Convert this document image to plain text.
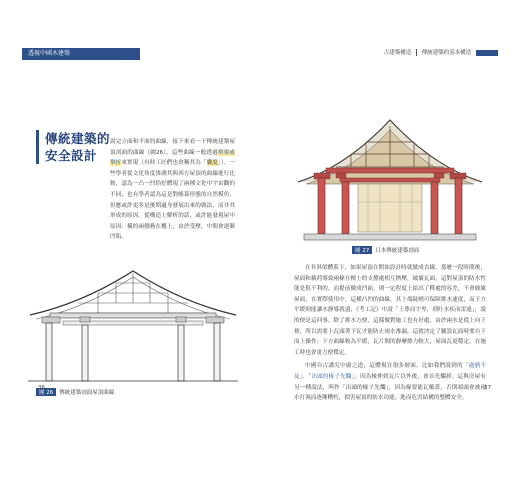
透視中國木建築	古建築構造 傳統建築的基本構造
傳統建築的
安全設計
說完立面和平面的曲線，接下來看一下傳統建築屋頂剖面的曲線（圖26）。這些曲線一般透過舉架或舉折來實現（有時工匠們也會稱其為「囊度」）。一些學者從文化角度推測其與西方屋頂的曲線進行比較，認為一凸一凹恰好體現了兩種文化中宇宙觀的不同；也有學者認為這是對帳幕形態的自然模仿，但應或許更多是後期適身發展出來的做法，而非其形成的原因。從構造上解析的話，或許能發現屋中原因：橫的兩側務在樓上，由於受壓，中間會逐漸凹陷。
圖 26 傳統建築剖面屋頂曲線
36
圖 27 日本傳統建築剖面

在非斜梁體系下，如果屋頂在開始設計時就做成直線，那麼一段時間後，屋面和載荷導致兩條在檁上的支撐處相互擠壓，破壞瓦面，這對屋頂的防水性能是很不利的，而提前做成凹面，則一定程度上給出了釋處的容差，不會破壞屋面，在實際使用中，這種凸凹的曲線，其上端陡峭可保障排水速度，而下方平緩則能讓水靜導就遠，《考工記》中說「上尊而宇卑，則吐水疾而雷遠」，說的便是這回事。除了排水方便，這樣做對施工也有好處，由於兩水是從上向下排，所以需要上瓦頭著下瓦才能防止雨水滲漏，這就決定了鋪設瓦面時要自下而上操作；下方曲線較為平緩，瓦片間的靜摩擦力較大，屋面瓦更穩定，在施工時也會更方便穩定。

中國自古講究中庸之道，這體現在很多層面，比如我們說到的「過猶不及」、「出頭的椽子先爛」，因為椽伸到瓦片以外後，會首先爛掉。這與房屋有另一種說法，叫作「出頭的椽子先爛」，因為椽要能瓦覆蓋，否則端頭會被雨水打濕而逐漸糟朽，損害屋頂的防水功能，進而危害結構的整體安全。

37
